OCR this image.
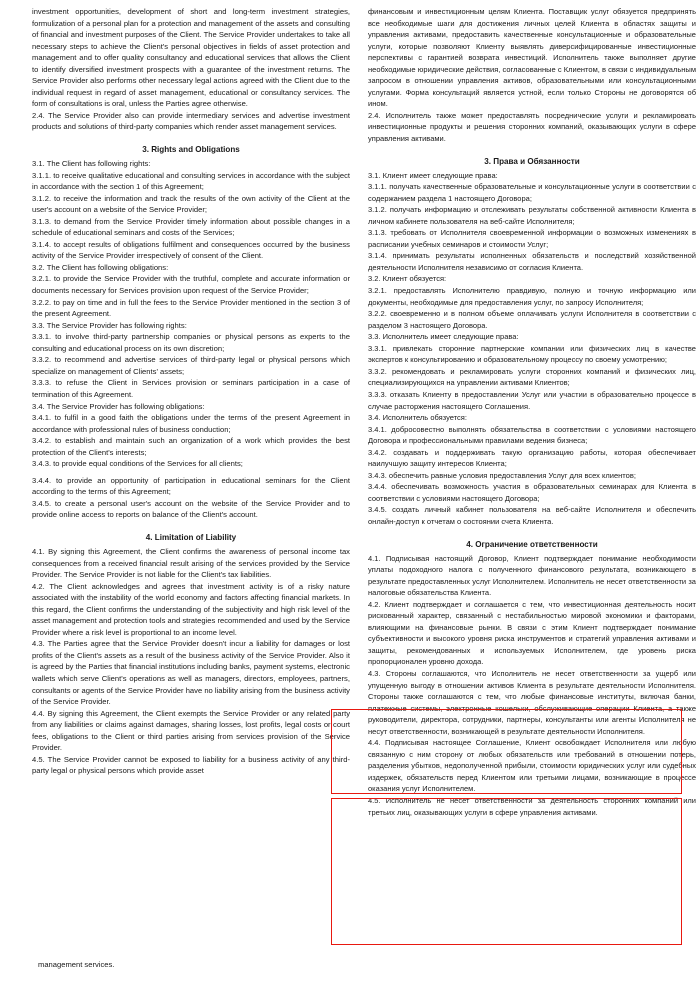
investment opportunities, development of short and long-term investment strategies, formulization of a personal plan for a protection and management of the assets and consulting of financial and investment purposes of the Client. The Service Provider undertakes to take all necessary steps to achieve the Client's personal objectives in fields of asset protection and management and to offer quality consultancy and educational services that allows the Client to identify diversified investment prospects with a guarantee of the investment returns. The Service Provider also performs other necessary legal actions agreed with the Client due to the individual request in regard of asset management, educational or consultancy services. The form of consultations is oral, unless the Parties agree otherwise.

2.4. The Service Provider also can provide intermediary services and advertise investment products and solutions of third-party companies which render asset management services.

3. Rights and Obligations

3.1. The Client has following rights:

3.1.1. to receive qualitative educational and consulting services in accordance with the subject in accordance with the section 1 of this Agreement;

3.1.2. to receive the information and track the results of the own activity of the Client at the user's account on a website of the Service Provider;

3.1.3. to demand from the Service Provider timely information about possible changes in a schedule of educational seminars and costs of the Services;

3.1.4. to accept results of obligations fulfilment and consequences occurred by the business activity of the Service Provider irrespectively of consent of the Client.

3.2. The Client has following obligations:

3.2.1. to provide the Service Provider with the truthful, complete and accurate information or documents necessary for Services provision upon request of the Service Provider;

3.2.2. to pay on time and in full the fees to the Service Provider mentioned in the section 3 of the present Agreement.

3.3. The Service Provider has following rights:

3.3.1. to involve third-party partnership companies or physical persons as experts to the consulting and educational process on its own discretion;

3.3.2. to recommend and advertise services of third-party legal or physical persons which specialize on management of Clients' assets;

3.3.3. to refuse the Client in Services provision or seminars participation in a case of termination of this Agreement.

3.4. The Service Provider has following obligations:

3.4.1. to fulfil in a good faith the obligations under the terms of the present Agreement in accordance with professional rules of business conduction;

3.4.2. to establish and maintain such an organization of a work which provides the best protection of the Client's interests;

3.4.3. to provide equal conditions of the Services for all clients;

3.4.4. to provide an opportunity of participation in educational seminars for the Client according to the terms of this Agreement;

3.4.5. to create a personal user's account on the website of the Service Provider and to provide online access to reports on balance of the Client's account.

4. Limitation of Liability

4.1. By signing this Agreement, the Client confirms the awareness of personal income tax consequences from a received financial result arising of the services provided by the Service Provider. The Service Provider is not liable for the Client's tax liabilities.

4.2. The Client acknowledges and agrees that investment activity is of a risky nature associated with the instability of the world economy and factors affecting financial markets. In this regard, the Client confirms the understanding of the subjectivity and high risk level of the asset management and protection tools and strategies recommended and used by the Service Provider where a risk level is proportional to an income level.

4.3. The Parties agree that the Service Provider doesn't incur a liability for damages or lost profits of the Client's assets as a result of the business activity of the Service Provider. Also it is agreed by the Parties that financial institutions including banks, payment systems, electronic wallets which serve Client's operations as well as managers, directors, employees, partners, consultants or agents of the Service Provider have no liability arising from the business activity of the Service Provider.

4.4. By signing this Agreement, the Client exempts the Service Provider or any related party from any liabilities or claims against damages, sharing losses, lost profits, legal costs or court fees, obligations to the Client or third parties arising from services provision of the Service Provider.

4.5. The Service Provider cannot be exposed to liability for a business activity of any third-party legal or physical persons which provide asset

финансовым и инвестиционным целям Клиента. Поставщик услуг обязуется предпринять все необходимые шаги для достижения личных целей Клиента в областях защиты и управления активами, предоставить качественные консультационные и образовательные услуги, которые позволяют Клиенту выявлять диверсифицированные инвестиционные перспективы с гарантией возврата инвестиций. Исполнитель также выполняет другие необходимые юридические действия, согласованные с Клиентом, в связи с индивидуальным запросом в отношении управления активов, образовательными или консультационными услугами. Форма консультаций является устной, если только Стороны не договорятся об ином.

2.4. Исполнитель также может предоставлять посреднические услуги и рекламировать инвестиционные продукты и решения сторонних компаний, оказывающих услуги в сфере управления активами.

3. Права и Обязанности

3.1. Клиент имеет следующие права:

3.1.1. получать качественные образовательные и консультационные услуги в соответствии с содержанием раздела 1 настоящего Договора;

3.1.2. получать информацию и отслеживать результаты собственной активности Клиента в личном кабинете пользователя на веб-сайте Исполнителя;

3.1.3. требовать от Исполнителя своевременной информации о возможных изменениях в расписании учебных семинаров и стоимости Услуг;

3.1.4. принимать результаты исполненных обязательств и последствий хозяйственной деятельности Исполнителя независимо от согласия Клиента.

3.2. Клиент обязуется:

3.2.1. предоставлять Исполнителю правдивую, полную и точную информацию или документы, необходимые для предоставления услуг, по запросу Исполнителя;

3.2.2. своевременно и в полном объеме оплачивать услуги Исполнителя в соответствии с разделом 3 настоящего Договора.

3.3. Исполнитель имеет следующие права:

3.3.1. привлекать сторонние партнерские компании или физических лиц в качестве экспертов к консультированию и образовательному процессу по своему усмотрению;

3.3.2. рекомендовать и рекламировать услуги сторонних компаний и физических лиц, специализирующихся на управлении активами Клиентов;

3.3.3. отказать Клиенту в предоставлении Услуг или участии в образовательно процессе в случае расторжения настоящего Соглашения.

3.4. Исполнитель обязуется:

3.4.1. добросовестно выполнять обязательства в соответствии с условиями настоящего Договора и профессиональными правилами ведения бизнеса;

3.4.2. создавать и поддерживать такую организацию работы, которая обеспечивает наилучшую защиту интересов Клиента;

3.4.3. обеспечить равные условия предоставления Услуг для всех клиентов;

3.4.4. обеспечивать возможность участия в образовательных семинарах для Клиента в соответствии с условиями настоящего Договора;

3.4.5. создать личный кабинет пользователя на веб-сайте Исполнителя и обеспечить онлайн-доступ к отчетам о состоянии счета Клиента.

4. Ограничение ответственности

4.1. Подписывая настоящий Договор, Клиент подтверждает понимание необходимости уплаты подоходного налога с полученного финансового результата, возникающего в результате предоставленных услуг Исполнителем. Исполнитель не несет ответственности за налоговые обязательства Клиента.

4.2. Клиент подтверждает и соглашается с тем, что инвестиционная деятельность носит рискованный характер, связанный с нестабильностью мировой экономики и факторами, влияющими на финансовые рынки. В связи с этим Клиент подтверждает понимание субъективности и высокого уровня риска инструментов и стратегий управления активами и защиты, рекомендованных и используемых Исполнителем, где уровень риска пропорционален уровню дохода.

4.3. Стороны соглашаются, что Исполнитель не несет ответственности за ущерб или упущенную выгоду в отношении активов Клиента в результате деятельности Исполнителя. Стороны также соглашаются с тем, что любые финансовые институты, включая банки, платежные системы, электронные кошельки, обслуживающие операции Клиента, а также руководители, директора, сотрудники, партнеры, консультанты или агенты Исполнителя не несут ответственности, возникающей в результате деятельности Исполнителя.

4.4. Подписывая настоящее Соглашение, Клиент освобождает Исполнителя или любую связанную с ним сторону от любых обязательств или требований в отношении потерь, разделения убытков, недополученной прибыли, стоимости юридических услуг или судебных издержек, обязательств перед Клиентом или третьими лицами, возникающие в процессе оказания услуг Исполнителем.

4.5. Исполнитель не несет ответственности за деятельность сторонних компаний или третьих лиц, оказывающих услуги в сфере управления активами.

management services.
